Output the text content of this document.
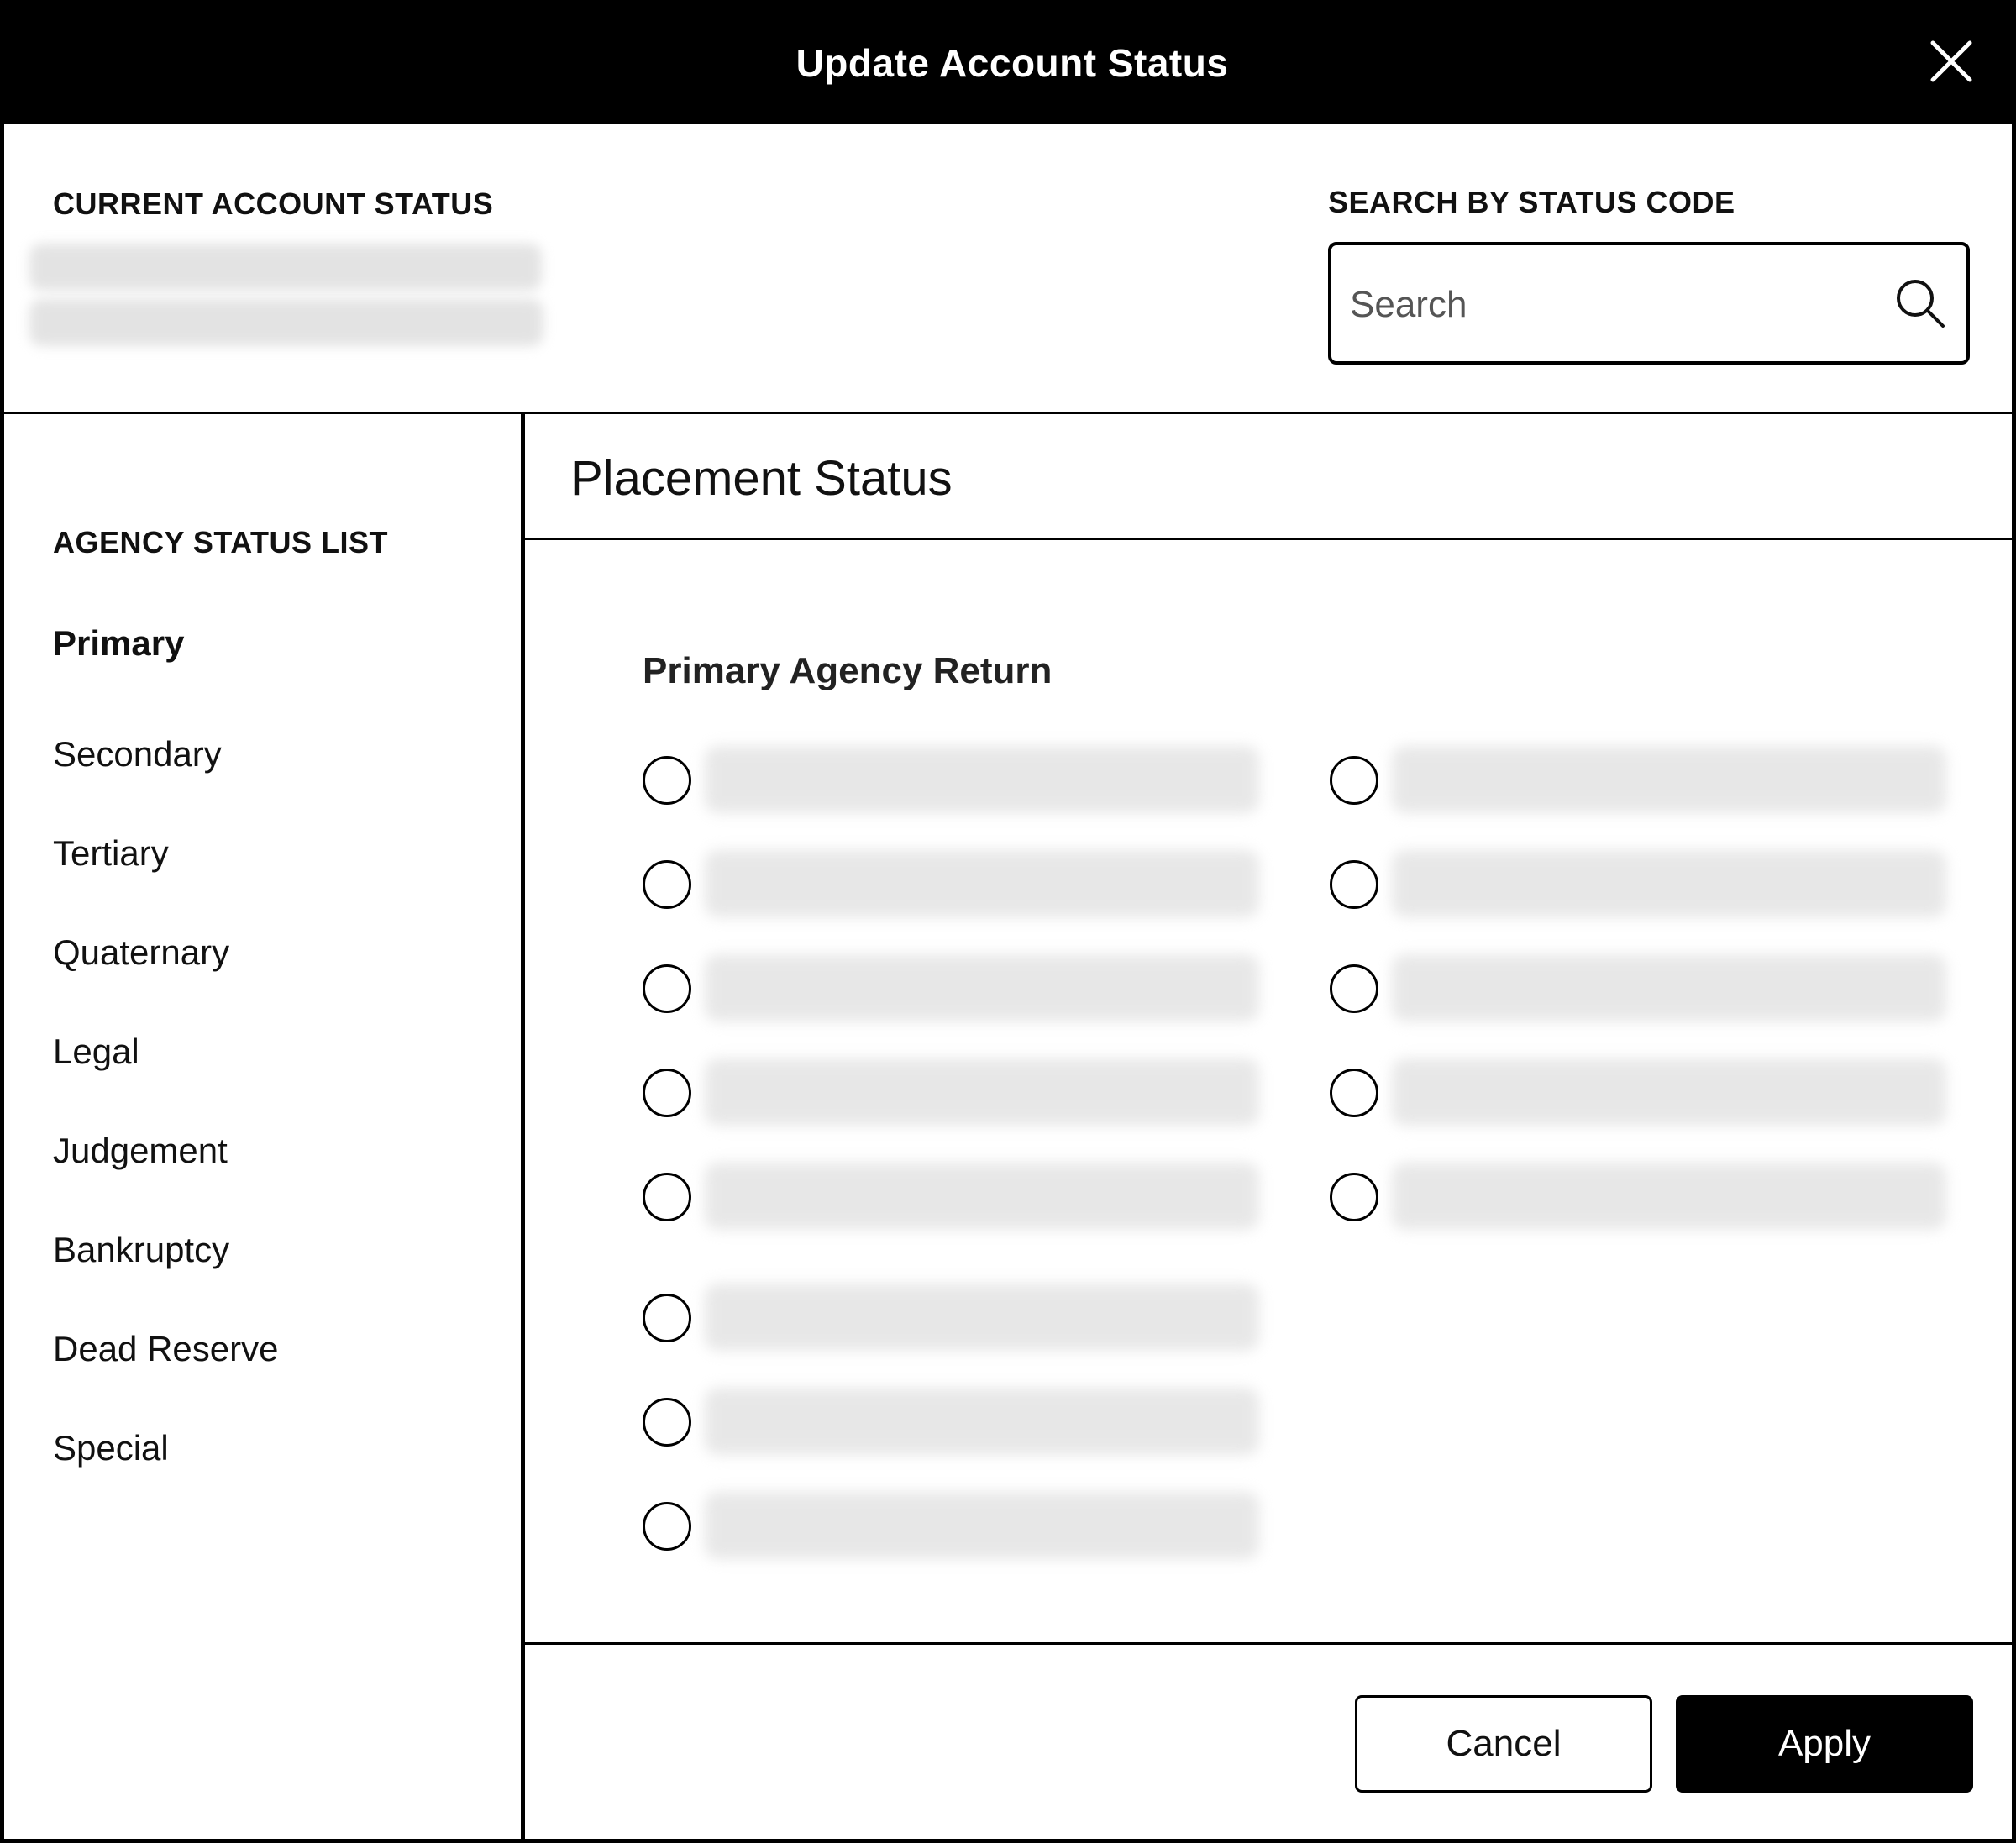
Update Account Status
CURRENT ACCOUNT STATUS	SEARCH BY STATUS CODE
Search
AGENCY STATUS LIST
Primary
Secondary
Tertiary
Quaternary
Legal
Judgement
Bankruptcy
Dead Reserve
Special
Placement Status
Primary Agency Return
Cancel	Apply
